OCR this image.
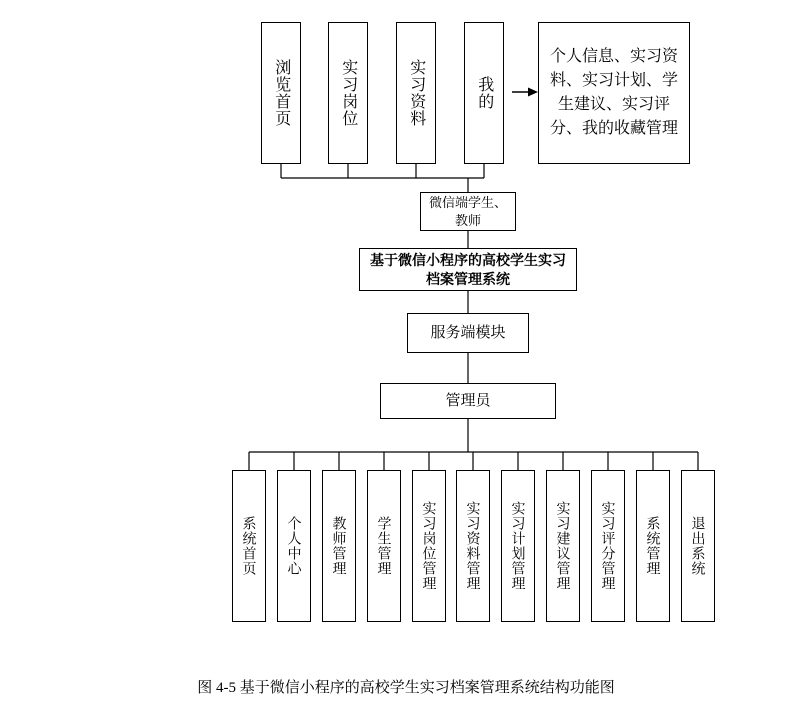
浏览首页	实习岗位	实习资料	我的
个人信息、实习资料、实习计划、学生建议、实习评分、我的收藏管理
微信端学生、教师
基于微信小程序的高校学生实习档案管理系统
服务端模块
管理员
系统首页 个人中心 教师管理 学生管理 实习岗位管理 实习资料管理 实习计划管理 实习建议管理 实习评分管理 系统管理 退出系统
图 4-5 基于微信小程序的高校学生实习档案管理系统结构功能图
